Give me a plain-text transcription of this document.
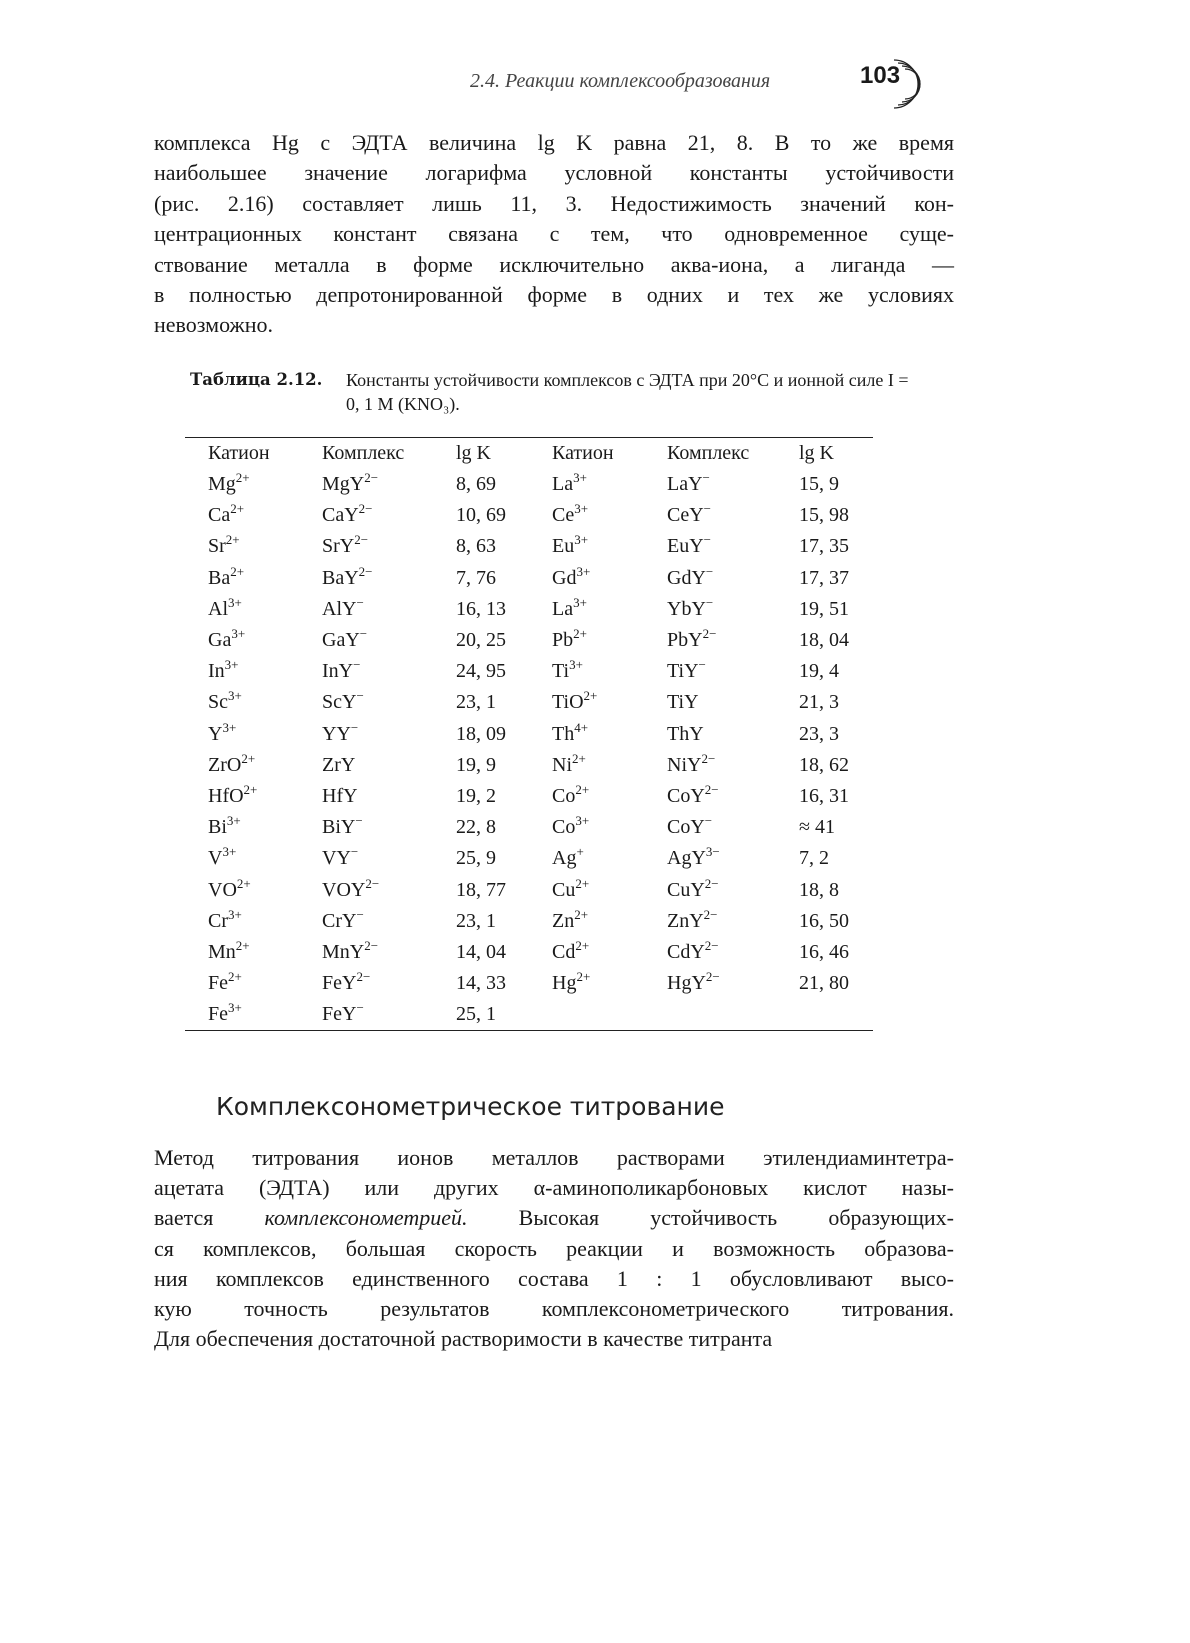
2.4. Реакции комплексообразования	103
комплекса Hg с ЭДТА величина lg K равна 21, 8. В то же время
наибольшее значение логарифма условной константы устойчивости
(рис. 2.16) составляет лишь 11, 3. Недостижимость значений кон-
центрационных констант связана с тем, что одновременное суще-
ствование металла в форме исключительно аква-иона, а лиганда —
в полностью депротонированной форме в одних и тех же условиях
невозможно.
Таблица 2.12. Константы устойчивости комплексов с ЭДТА при 20°C и ионной силе I = 0, 1 M (KNO₃).
Катион	Комплекс	lg K	Катион	Комплекс	lg K
$Mg^{2+}$	MgY$^{2-}$	8, 69	$La^{3+}$	LaY−	15, 9
$Ca^{2+}$	CaY$^{2-}$	10, 69	$Ce^{3+}$	CeY−	15, 98
$Sr^{2+}$	SrY$^{2-}$	8, 63	$Eu^{3+}$	EuY−	17, 35
$Ba^{2+}$	BaY$^{2-}$	7, 76	$Gd^{3+}$	GdY−	17, 37
$Al^{3+}$	AlY−	16, 13	$La^{3+}$	YbY−	19, 51
$Ga^{3+}$	GaY−	20, 25	$Pb^{2+}$	PbY$^{2-}$	18, 04
$In^{3+}$	InY−	24, 95	$Ti^{3+}$	TiY−	19, 4
$Sc^{3+}$	ScY−	23, 1	TiO$^{2+}$	TiY	21, 3
$Y^{3+}$	YY−	18, 09	$Th^{4+}$	ThY	23, 3
ZrO$^{2+}$	ZrY	19, 9	$Ni^{2+}$	NiY$^{2-}$	18, 62
HfO$^{2+}$	HfY	19, 2	$Co^{2+}$	CoY$^{2-}$	16, 31
$Bi^{3+}$	BiY−	22, 8	$Co^{3+}$	CoY−	≈ 41
$V^{3+}$	VY−	25, 9	Ag+	AgY$^{3-}$	7, 2
$VO^{2+}$	$VOY^{2-}$	18, 77	$Cu^{2+}$	CuY$^{2-}$	18, 8
$Cr^{3+}$	CrY−	23, 1	$Zn^{2+}$	ZnY$^{2-}$	16, 50
$Mn^{2+}$	MnY$^{2-}$	14, 04	$Cd^{2+}$	CdY$^{2-}$	16, 46
$Fe^{2+}$	FeY$^{2-}$	14, 33	$Hg^{2+}$	HgY$^{2-}$	21, 80
$Fe^{3+}$	FeY−	25, 1			
Комплексонометрическое титрование
Метод титрования ионов металлов растворами этилендиаминтетра-
ацетата (ЭДТА) или других α-аминополикарбоновых кислот назы-
вается комплексонометрией. Высокая устойчивость образующих-
ся комплексов, большая скорость реакции и возможность образова-
ния комплексов единственного состава 1 : 1 обусловливают высо-
кую точность результатов комплексонометрического титрования.
Для обеспечения достаточной растворимости в качестве титранта
